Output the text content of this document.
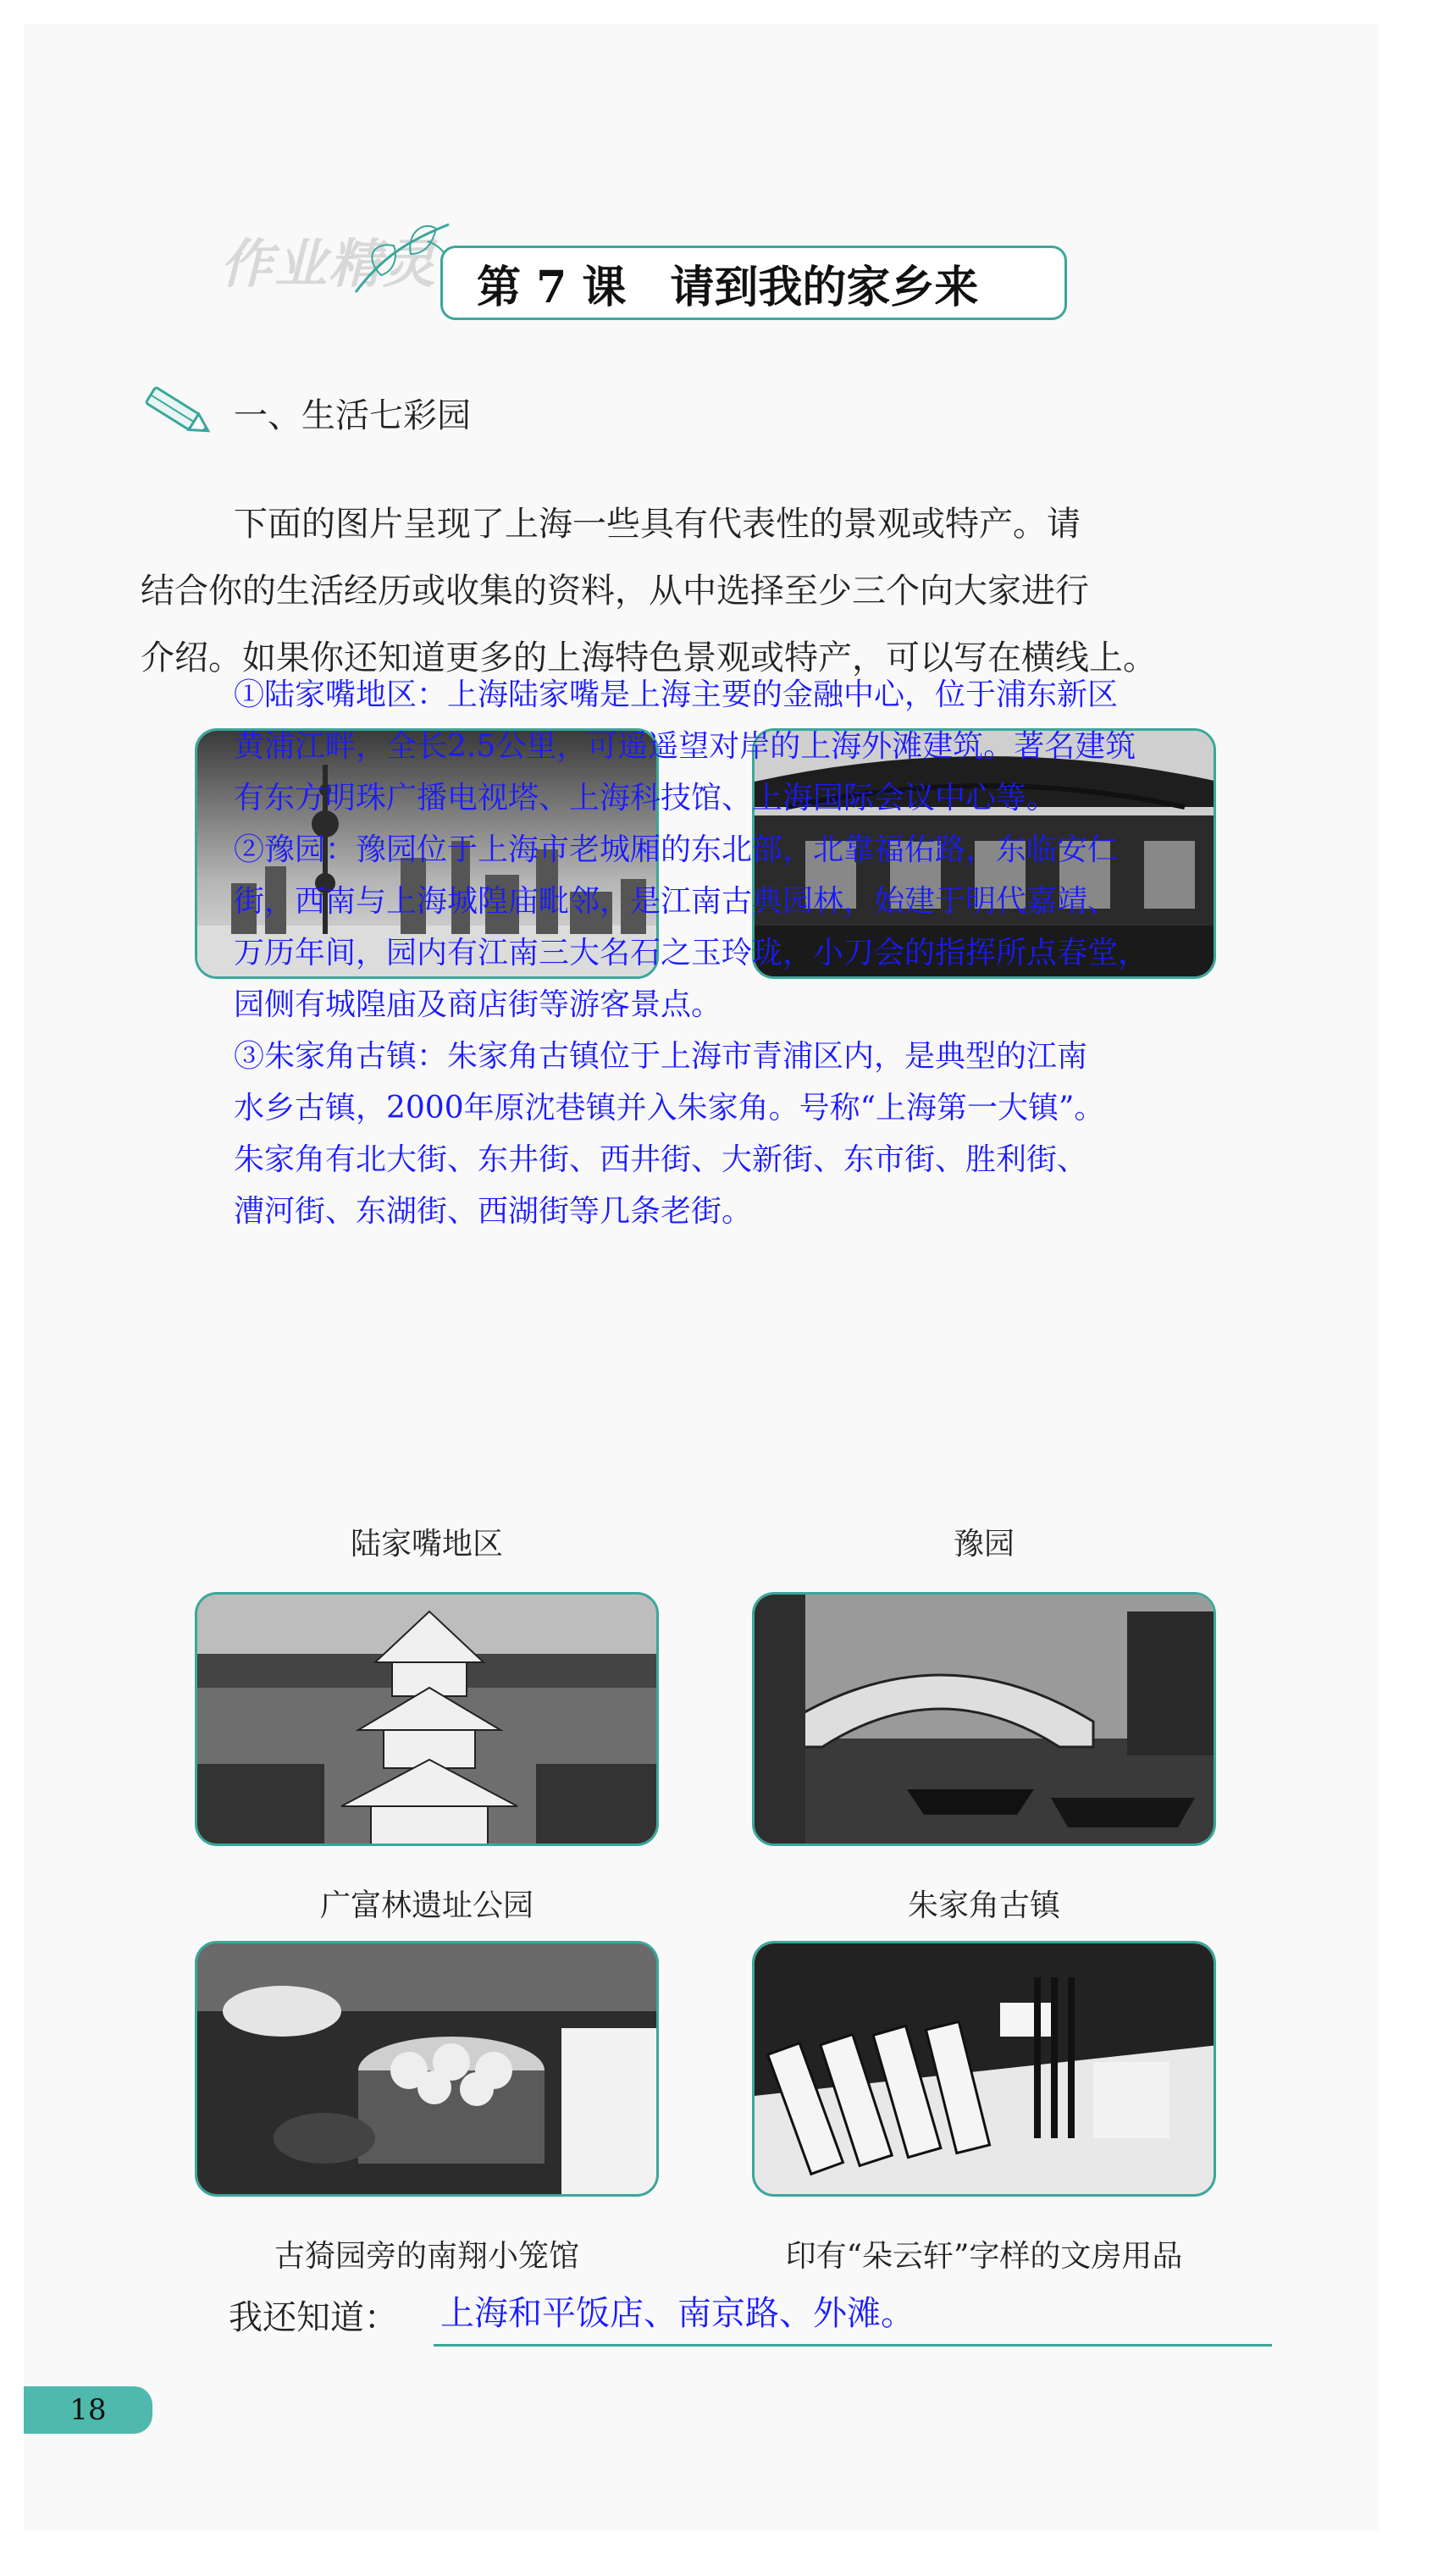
作业精灵 第 7 课　请到我的家乡来
一、生活七彩园

下面的图片呈现了上海一些具有代表性的景观或特产。请

结合你的生活经历或收集的资料，从中选择至少三个向大家进行

介绍。如果你还知道更多的上海特色景观或特产，可以写在横线上。

①陆家嘴地区：上海陆家嘴是上海主要的金融中心，位于浦东新区

黄浦江畔，全长2.5公里，可遥遥望对岸的上海外滩建筑。著名建筑

有东方明珠广播电视塔、上海科技馆、上海国际会议中心等。

②豫园：豫园位于上海市老城厢的东北部，北靠福佑路，东临安仁

街，西南与上海城隍庙毗邻，是江南古典园林，始建于明代嘉靖、

万历年间，园内有江南三大名石之玉玲珑，小刀会的指挥所点春堂，

园侧有城隍庙及商店街等游客景点。

③朱家角古镇：朱家角古镇位于上海市青浦区内，是典型的江南

水乡古镇，2000年原沈巷镇并入朱家角。号称“上海第一大镇”。

朱家角有北大街、东井街、西井街、大新街、东市街、胜利街、

漕河街、东湖街、西湖街等几条老街。

陆家嘴地区	豫园
广富林遗址公园	朱家角古镇
古猗园旁的南翔小笼馆	印有“朵云轩”字样的文房用品
我还知道： 上海和平饭店、南京路、外滩。
18
